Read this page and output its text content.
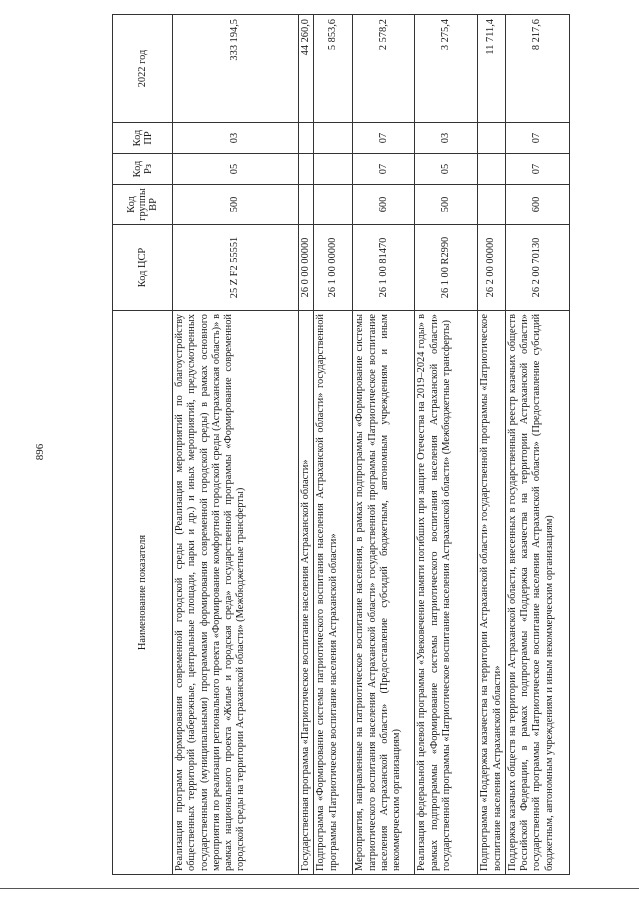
896
Наименование показателя	Код ЦСР	Код группы ВР	Код Рз	Код ПР	2022 год
Реализация программ формирования современной городской среды (Реализация мероприятий по благоустройству общественных территорий (набережные, центральные площади, парки и др.) и иных мероприятий, предусмотренных государственными (муниципальными) программами формирования современной городской среды) в рамках основного мероприятия по реализации регионального проекта «Формирование комфортной городской среды (Астраханская область)» в рамках национального проекта «Жилье и городская среда» государственной программы «Формирование современной городской среды на территории Астраханской области» (Межбюджетные трансферты)	25 Z F2 55551	500	05	03	333 194,5
Государственная программа «Патриотическое воспитание населения Астраханской области»	26 0 00 00000				44 260,0
Подпрограмма «Формирование системы патриотического воспитания населения Астраханской области» государственной программы «Патриотическое воспитание населения Астраханской области»	26 1 00 00000				5 853,6
Мероприятия, направленные на патриотическое воспитание населения, в рамках подпрограммы «Формирование системы патриотического воспитания населения Астраханской области» государственной программы «Патриотическое воспитание населения Астраханской области» (Предоставление субсидий бюджетным, автономным учреждениям и иным некоммерческим организациям)	26 1 00 81470	600	07	07	2 578,2
Реализация федеральной целевой программы «Увековечение памяти погибших при защите Отечества на 2019–2024 годы» в рамках подпрограммы «Формирование системы патриотического воспитания населения Астраханской области» государственной программы «Патриотическое воспитание населения Астраханской области» (Межбюджетные трансферты)	26 1 00 R2990	500	05	03	3 275,4
Подпрограмма «Поддержка казачества на территории Астраханской области» государственной программы «Патриотическое воспитание населения Астраханской области»	26 2 00 00000				11 711,4
Поддержка казачьих обществ на территории Астраханской области, внесенных в государственный реестр казачьих обществ Российской Федерации, в рамках подпрограммы «Поддержка казачества на территории Астраханской области» государственной программы «Патриотическое воспитание населения Астраханской области» (Предоставление субсидий бюджетным, автономным учреждениям и иным некоммерческим организациям)	26 2 00 70130	600	07	07	8 217,6
